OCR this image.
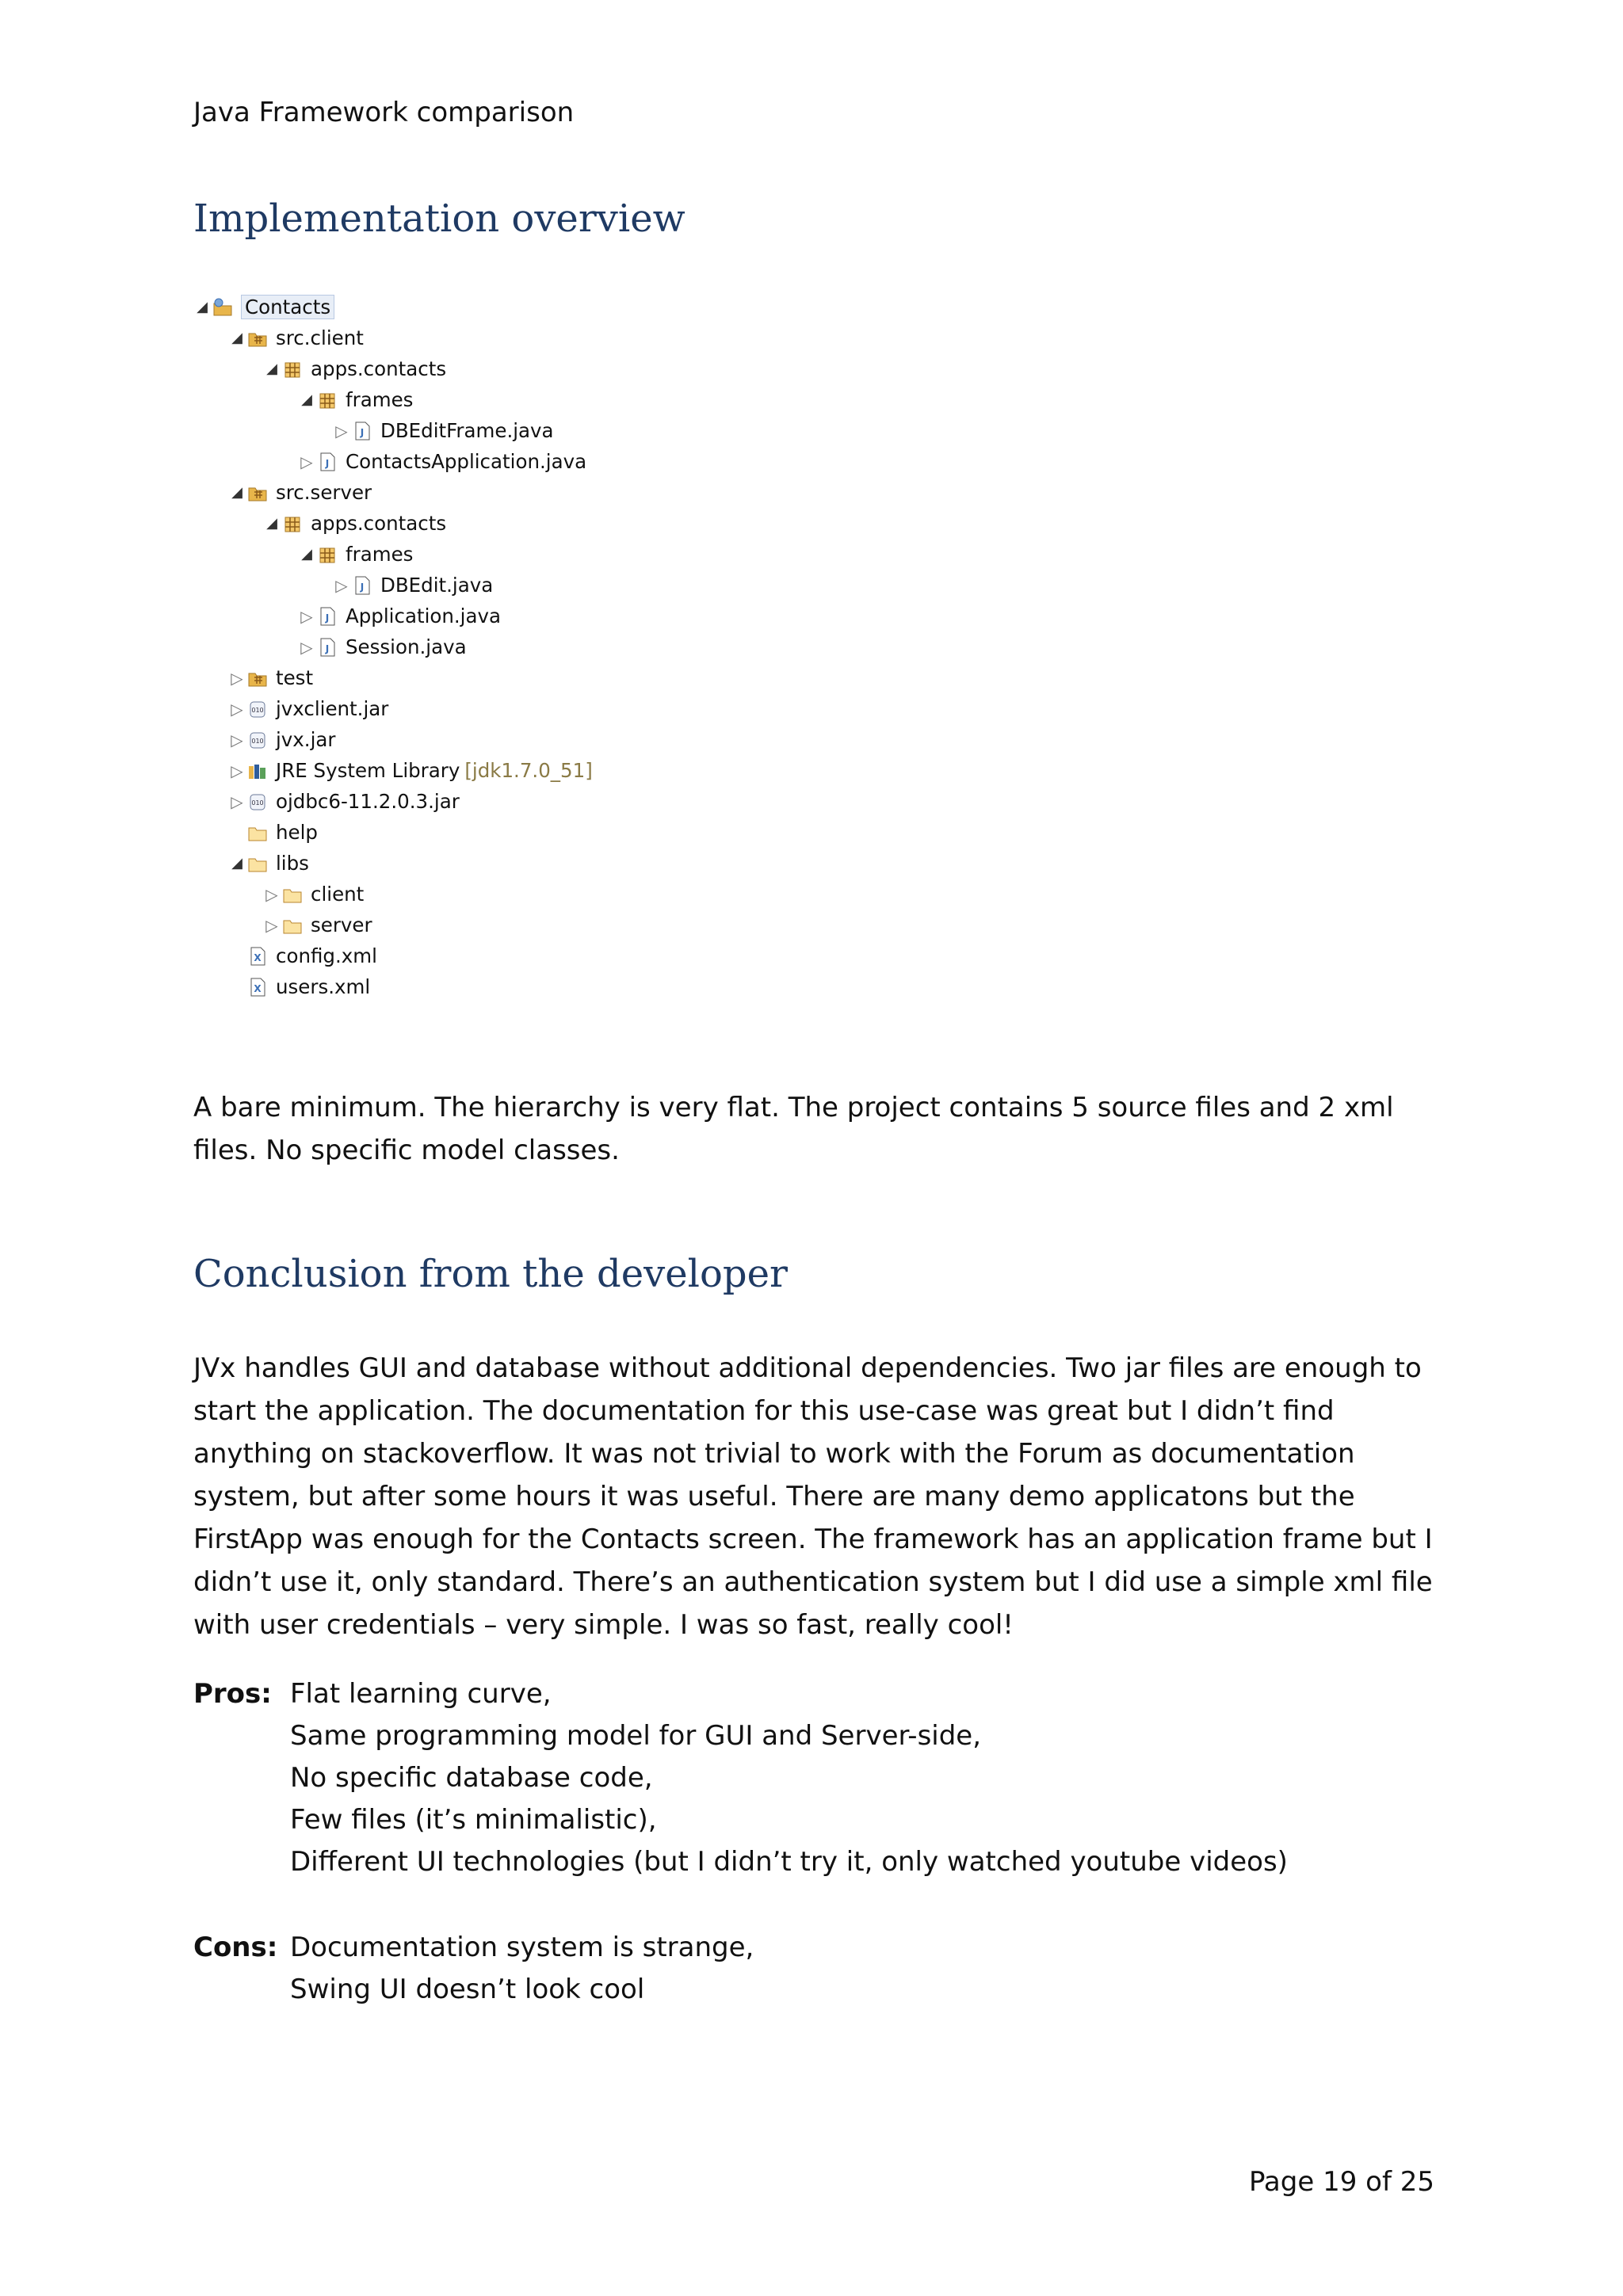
Java Framework comparison
Implementation overview
◢ Contacts
◢ src.client
◢ apps.contacts
◢ frames
▷ J DBEditFrame.java
▷ J ContactsApplication.java
◢ src.server
◢ apps.contacts
◢ frames
▷ J DBEdit.java
▷ J Application.java
▷ J Session.java
▷ test
▷	010 jvxclient.jar
▷	010 jvx.jar
▷ JRE System Library [jdk1.7.0_51]
▷	010 ojdbc6-11.2.0.3.jar
help
◢ libs
▷ client
▷ server
X config.xml
X users.xml

A bare minimum. The hierarchy is very flat. The project contains 5 source files and 2 xml files. No specific model classes.

Conclusion from the developer

JVx handles GUI and database without additional dependencies. Two jar files are enough to start the application. The documentation for this use-case was great but I didn’t find anything on stackoverflow. It was not trivial to work with the Forum as documentation system, but after some hours it was useful. There are many demo applicatons but the FirstApp was enough for the Contacts screen. The framework has an application frame but I didn’t use it, only standard. There’s an authentication system but I did use a simple xml file with user credentials – very simple. I was so fast, really cool!

Pros: Flat learning curve,
Same programming model for GUI and Server-side,
No specific database code,
Few files (it’s minimalistic),
Different UI technologies (but I didn’t try it, only watched youtube videos)
Cons: Documentation system is strange,
Swing UI doesn’t look cool
Page 19 of 25
